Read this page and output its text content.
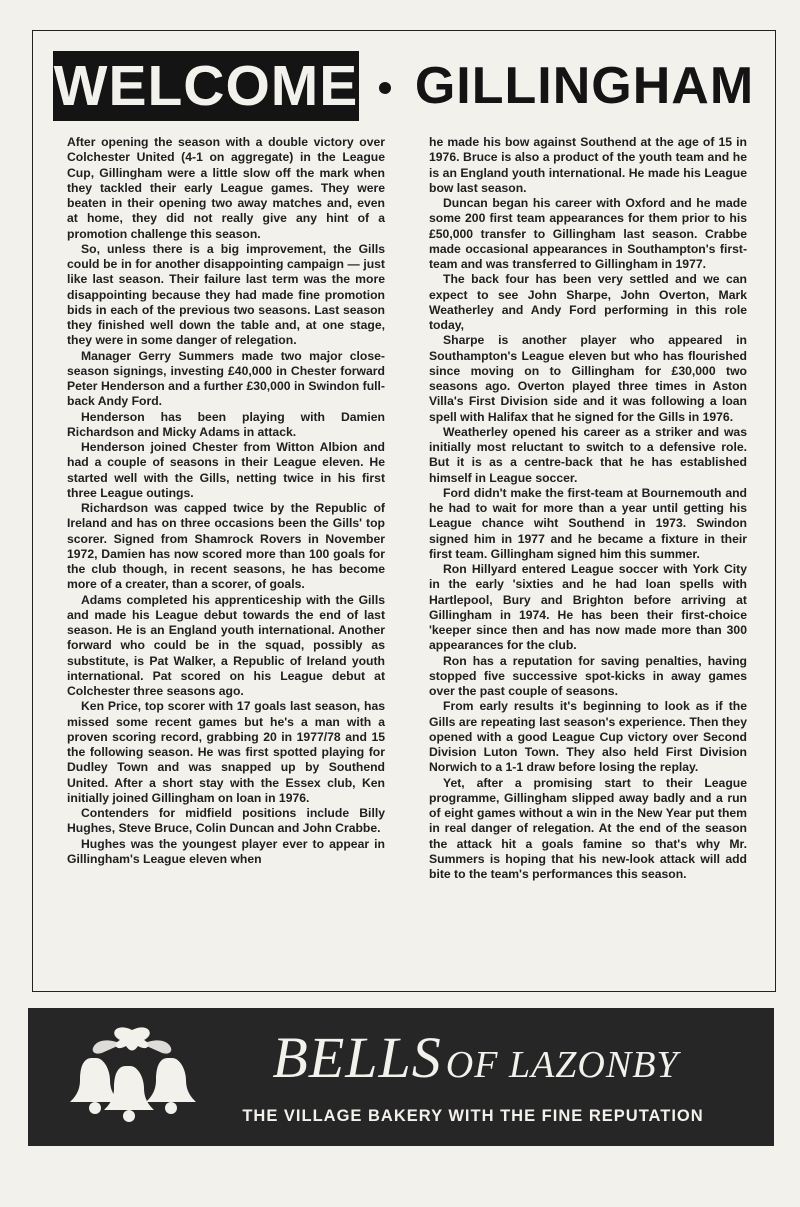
WELCOME GILLINGHAM

After opening the season with a double victory over Colchester United (4-1 on aggregate) in the League Cup, Gillingham were a little slow off the mark when they tackled their early League games. They were beaten in their opening two away matches and, even at home, they did not really give any hint of a promotion challenge this season.

So, unless there is a big improvement, the Gills could be in for another disappointing campaign — just like last season. Their failure last term was the more disappointing because they had made fine promotion bids in each of the previous two seasons. Last season they finished well down the table and, at one stage, they were in some danger of relegation.

Manager Gerry Summers made two major close-season signings, investing £40,000 in Chester forward Peter Henderson and a further £30,000 in Swindon full-back Andy Ford.

Henderson has been playing with Damien Richardson and Micky Adams in attack.

Henderson joined Chester from Witton Albion and had a couple of seasons in their League eleven. He started well with the Gills, netting twice in his first three League outings.

Richardson was capped twice by the Republic of Ireland and has on three occasions been the Gills' top scorer. Signed from Shamrock Rovers in November 1972, Damien has now scored more than 100 goals for the club though, in recent seasons, he has become more of a creater, than a scorer, of goals.

Adams completed his apprenticeship with the Gills and made his League debut towards the end of last season. He is an England youth international. Another forward who could be in the squad, possibly as substitute, is Pat Walker, a Republic of Ireland youth international. Pat scored on his League debut at Colchester three seasons ago.

Ken Price, top scorer with 17 goals last season, has missed some recent games but he's a man with a proven scoring record, grabbing 20 in 1977/78 and 15 the following season. He was first spotted playing for Dudley Town and was snapped up by Southend United. After a short stay with the Essex club, Ken initially joined Gillingham on loan in 1976.

Contenders for midfield positions include Billy Hughes, Steve Bruce, Colin Duncan and John Crabbe.

Hughes was the youngest player ever to appear in Gillingham's League eleven when

he made his bow against Southend at the age of 15 in 1976. Bruce is also a product of the youth team and he is an England youth international. He made his League bow last season.

Duncan began his career with Oxford and he made some 200 first team appearances for them prior to his £50,000 transfer to Gillingham last season. Crabbe made occasional appearances in Southampton's first-team and was transferred to Gillingham in 1977.

The back four has been very settled and we can expect to see John Sharpe, John Overton, Mark Weatherley and Andy Ford performing in this role today,

Sharpe is another player who appeared in Southampton's League eleven but who has flourished since moving on to Gillingham for £30,000 two seasons ago. Overton played three times in Aston Villa's First Division side and it was following a loan spell with Halifax that he signed for the Gills in 1976.

Weatherley opened his career as a striker and was initially most reluctant to switch to a defensive role. But it is as a centre-back that he has established himself in League soccer.

Ford didn't make the first-team at Bournemouth and he had to wait for more than a year until getting his League chance wiht Southend in 1973. Swindon signed him in 1977 and he became a fixture in their first team. Gillingham signed him this summer.

Ron Hillyard entered League soccer with York City in the early 'sixties and he had loan spells with Hartlepool, Bury and Brighton before arriving at Gillingham in 1974. He has been their first-choice 'keeper since then and has now made more than 300 appearances for the club.

Ron has a reputation for saving penalties, having stopped five successive spot-kicks in away games over the past couple of seasons.

From early results it's beginning to look as if the Gills are repeating last season's experience. Then they opened with a good League Cup victory over Second Division Luton Town. They also held First Division Norwich to a 1-1 draw before losing the replay.

Yet, after a promising start to their League programme, Gillingham slipped away badly and a run of eight games without a win in the New Year put them in real danger of relegation. At the end of the season the attack hit a goals famine so that's why Mr. Summers is hoping that his new-look attack will add bite to the team's performances this season.

BELLS OF LAZONBY
THE VILLAGE BAKERY WITH THE FINE REPUTATION
